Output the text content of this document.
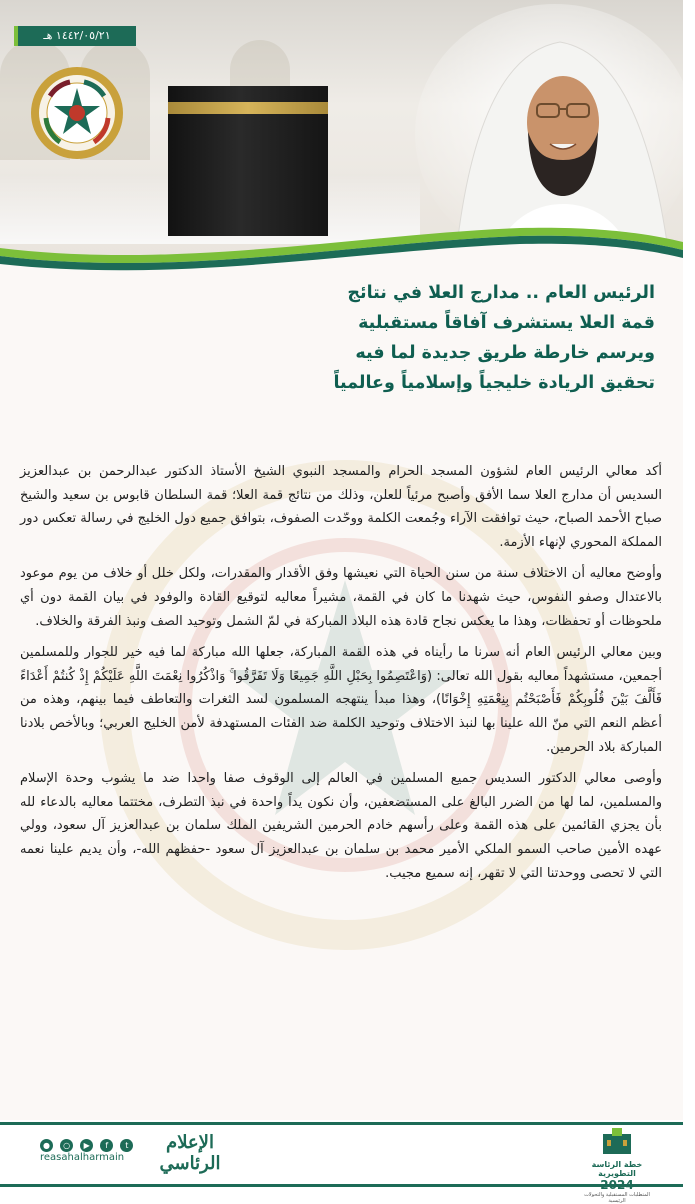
١٤٤٢/٠٥/٢١ هـ
الرئيس العام .. مدارج العلا في نتائج
قمة العلا يستشرف آفاقاً مستقبلية
ويرسم خارطة طريق جديدة لما فيه
تحقيق الريادة خليجياً وإسلامياً وعالمياً

أكد معالي الرئيس العام لشؤون المسجد الحرام والمسجد النبوي الشيخ الأستاذ الدكتور عبدالرحمن بن عبدالعزيز السديس أن مدارج العلا سما الأفق وأصبح مرئياً للعلن، وذلك من نتائج قمة العلا؛ قمة السلطان قابوس بن سعيد والشيخ صباح الأحمد الصباح، حيث توافقت الآراء وجُمعت الكلمة ووحّدت الصفوف، بتوافق جميع دول الخليج في رسالة تعكس دور المملكة المحوري لإنهاء الأزمة.

وأوضح معاليه أن الاختلاف سنة من سنن الحياة التي نعيشها وفق الأقدار والمقدرات، ولكل خلل أو خلاف من يوم موعود بالاعتدال وصفو النفوس، حيث شهدنا ما كان في القمة، مشيراً معاليه لتوقيع القادة والوفود في بيان القمة دون أي ملحوظات أو تحفظات، وهذا ما يعكس نجاح قادة هذه البلاد المباركة في لمّ الشمل وتوحيد الصف ونبذ الفرقة والخلاف.

وبين معالي الرئيس العام أنه سرنا ما رأيناه في هذه القمة المباركة، جعلها الله مباركة لما فيه خير للجوار وللمسلمين أجمعين، مستشهداً معاليه بقول الله تعالى: (وَاعْتَصِمُوا بِحَبْلِ اللَّهِ جَمِيعًا وَلَا تَفَرَّقُوا ۚ وَاذْكُرُوا نِعْمَتَ اللَّهِ عَلَيْكُمْ إِذْ كُنتُمْ أَعْدَاءً فَأَلَّفَ بَيْنَ قُلُوبِكُمْ فَأَصْبَحْتُم بِنِعْمَتِهِ إِخْوَانًا)، وهذا مبدأ ينتهجه المسلمون لسد الثغرات والتعاطف فيما بينهم، وهذه من أعظم النعم التي منّ الله علينا بها لنبذ الاختلاف وتوحيد الكلمة ضد الفئات المستهدفة لأمن الخليج العربي؛ وبالأخص بلادنا المباركة بلاد الحرمين.

وأوصى معالي الدكتور السديس جميع المسلمين في العالم إلى الوقوف صفا واحدا ضد ما يشوب وحدة الإسلام والمسلمين، لما لها من الضرر البالغ على المستضعفين، وأن نكون يداً واحدة في نبذ التطرف، مختتما معاليه بالدعاء لله بأن يجزي القائمين على هذه القمة وعلى رأسهم خادم الحرمين الشريفين الملك سلمان بن عبدالعزيز آل سعود، وولي عهده الأمين صاحب السمو الملكي الأمير محمد بن سلمان بن عبدالعزيز آل سعود -حفظهم الله-، وأن يديم علينا نعمه التي لا تحصى ووحدتنا التي لا تقهر، إنه سميع مجيب.

● ○ ▶ f t
reasahalharmain
الإعلام الرئاسي	خطة الرئاسة التطويرية
2024
المتطلبات المستقبلية والتحولات الرئيسية
